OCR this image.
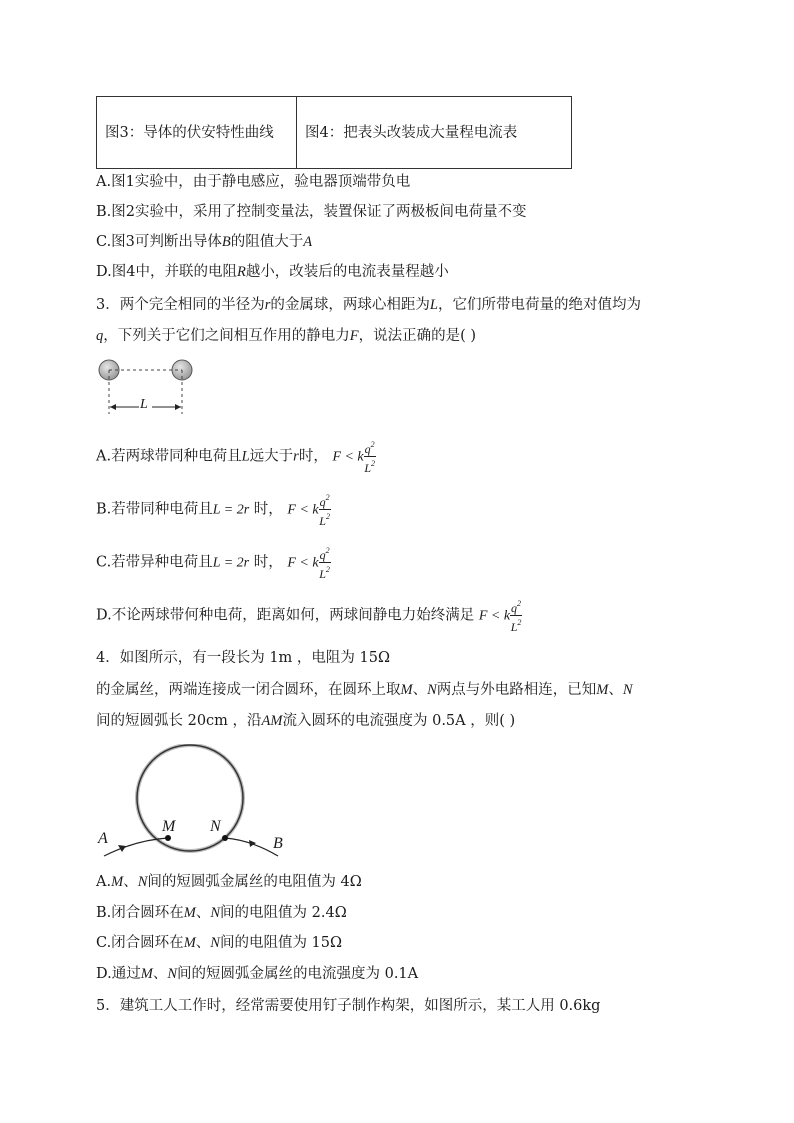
图3：导体的伏安特性曲线	图4：把表头改装成大量程电流表
A.图1实验中，由于静电感应，验电器顶端带负电
B.图2实验中，采用了控制变量法，装置保证了两极板间电荷量不变
C.图3可判断出导体B的阻值大于A
D.图4中，并联的电阻R越小，改装后的电流表量程越小
3．两个完全相同的半径为r的金属球，两球心相距为L，它们所带电荷量的绝对值均为
q，下列关于它们之间相互作用的静电力F，说法正确的是( )
L
A.若两球带同种电荷且L远大于r时， F < k $\frac{q^2}{L^2}$
B.若带同种电荷且L = 2r 时， F < k $\frac{q^2}{L^2}$
C.若带异种电荷且L = 2r 时， F < k $\frac{q^2}{L^2}$
D.不论两球带何种电荷，距离如何，两球间静电力始终满足 F < k $\frac{q^2}{L^2}$
4．如图所示，有一段长为 1m ，电阻为 15Ω
的金属丝，两端连接成一闭合圆环，在圆环上取M、N两点与外电路相连，已知M、N
间的短圆弧长 20cm ，沿AM流入圆环的电流强度为 0.5A ，则( )
A
M N
B
A.M、N间的短圆弧金属丝的电阻值为 4Ω
B.闭合圆环在M、N间的电阻值为 2.4Ω
C.闭合圆环在M、N间的电阻值为 15Ω
D.通过M、N间的短圆弧金属丝的电流强度为 0.1A
5．建筑工人工作时，经常需要使用钉子制作构架，如图所示，某工人用 0.6kg
